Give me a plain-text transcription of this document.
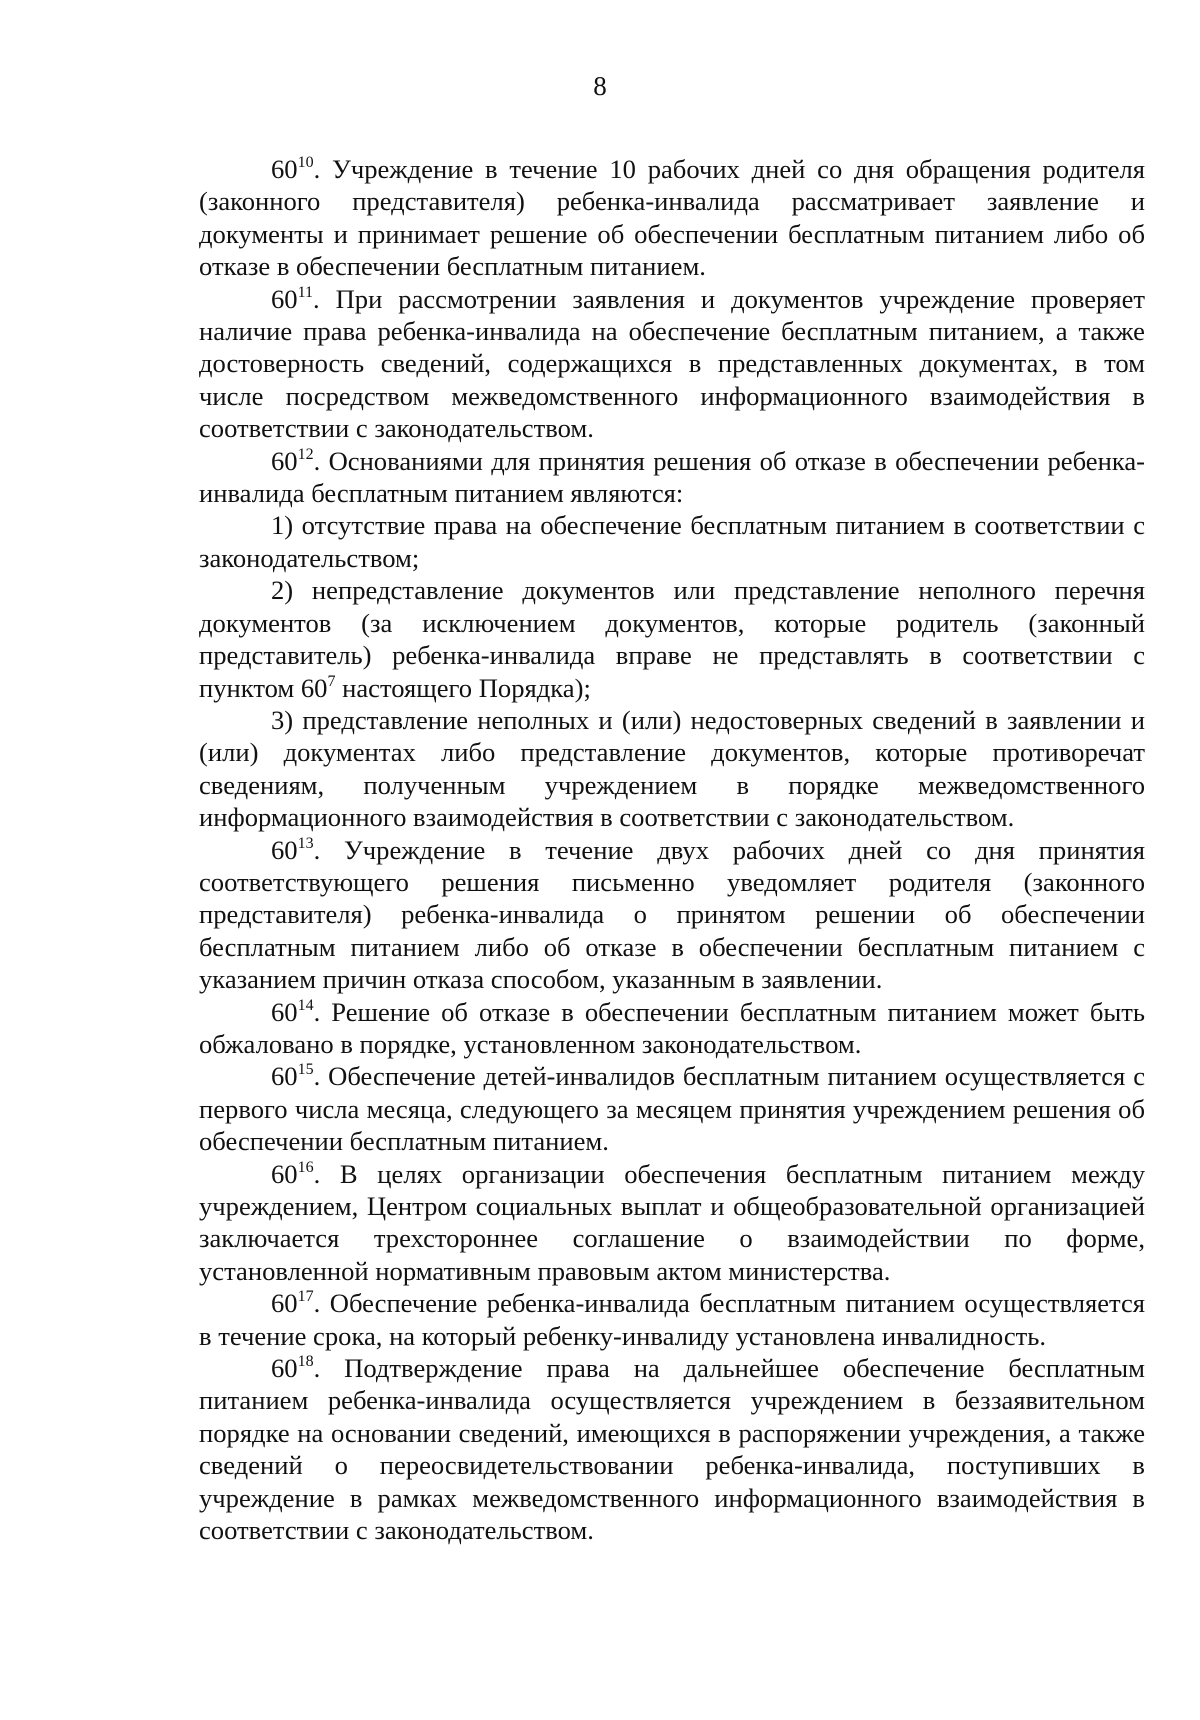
8

$60^{10}$. Учреждение в течение 10 рабочих дней со дня обращения родителя (законного представителя) ребенка-инвалида рассматривает заявление и документы и принимает решение об обеспечении бесплатным питанием либо об отказе в обеспечении бесплатным питанием.

$60^{11}$. При рассмотрении заявления и документов учреждение проверяет наличие права ребенка-инвалида на обеспечение бесплатным питанием, а также достоверность сведений, содержащихся в представленных документах, в том числе посредством межведомственного информационного взаимодействия в соответствии с законодательством.

$60^{12}$. Основаниями для принятия решения об отказе в обеспечении ребенка-инвалида бесплатным питанием являются:

1) отсутствие права на обеспечение бесплатным питанием в соответствии с законодательством;

2) непредставление документов или представление неполного перечня документов (за исключением документов, которые родитель (законный представитель) ребенка-инвалида вправе не представлять в соответствии с пунктом $60^7$ настоящего Порядка);

3) представление неполных и (или) недостоверных сведений в заявлении и (или) документах либо представление документов, которые противоречат сведениям, полученным учреждением в порядке межведомственного информационного взаимодействия в соответствии с законодательством.

$60^{13}$. Учреждение в течение двух рабочих дней со дня принятия соответствующего решения письменно уведомляет родителя (законного представителя) ребенка-инвалида о принятом решении об обеспечении бесплатным питанием либо об отказе в обеспечении бесплатным питанием с указанием причин отказа способом, указанным в заявлении.

$60^{14}$. Решение об отказе в обеспечении бесплатным питанием может быть обжаловано в порядке, установленном законодательством.

$60^{15}$. Обеспечение детей-инвалидов бесплатным питанием осуществляется с первого числа месяца, следующего за месяцем принятия учреждением решения об обеспечении бесплатным питанием.

$60^{16}$. В целях организации обеспечения бесплатным питанием между учреждением, Центром социальных выплат и общеобразовательной организацией заключается трехстороннее соглашение о взаимодействии по форме, установленной нормативным правовым актом министерства.

$60^{17}$. Обеспечение ребенка-инвалида бесплатным питанием осуществляется в течение срока, на который ребенку-инвалиду установлена инвалидность.

$60^{18}$. Подтверждение права на дальнейшее обеспечение бесплатным питанием ребенка-инвалида осуществляется учреждением в беззаявительном порядке на основании сведений, имеющихся в распоряжении учреждения, а также сведений о переосвидетельствовании ребенка-инвалида, поступивших в учреждение в рамках межведомственного информационного взаимодействия в соответствии с законодательством.
